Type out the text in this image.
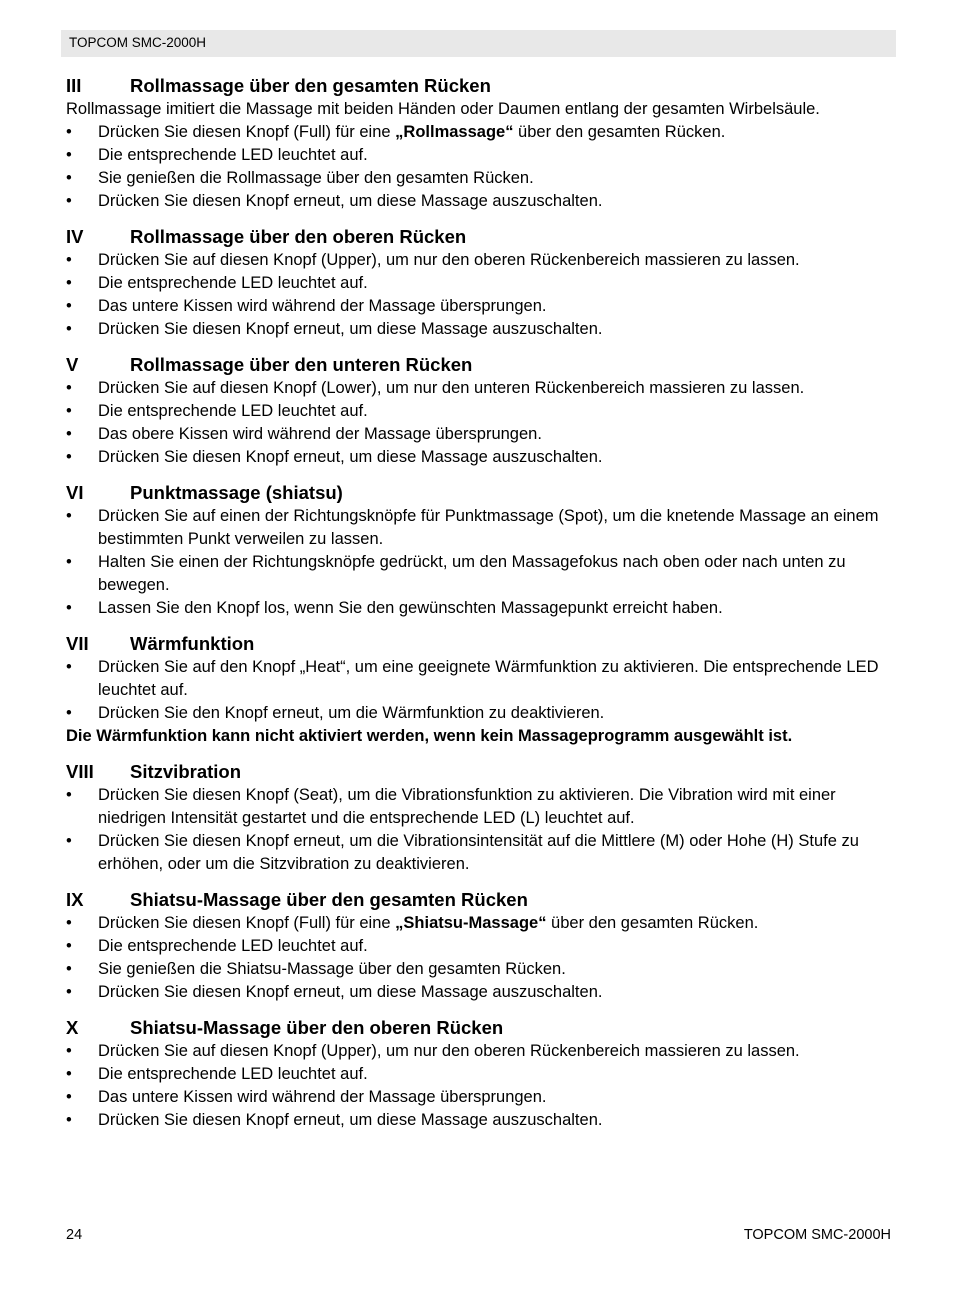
TOPCOM SMC-2000H
III	Rollmassage über den gesamten Rücken
Rollmassage imitiert die Massage mit beiden Händen oder Daumen entlang der gesamten Wirbelsäule.
•	Drücken Sie diesen Knopf (Full) für eine „Rollmassage“ über den gesamten Rücken.
•	Die entsprechende LED leuchtet auf.
•	Sie genießen die Rollmassage über den gesamten Rücken.
•	Drücken Sie diesen Knopf erneut, um diese Massage auszuschalten.
IV	Rollmassage über den oberen Rücken
•	Drücken Sie auf diesen Knopf (Upper), um nur den oberen Rückenbereich massieren zu lassen.
•	Die entsprechende LED leuchtet auf.
•	Das untere Kissen wird während der Massage übersprungen.
•	Drücken Sie diesen Knopf erneut, um diese Massage auszuschalten.
V	Rollmassage über den unteren Rücken
•	Drücken Sie auf diesen Knopf (Lower), um nur den unteren Rückenbereich massieren zu lassen.
•	Die entsprechende LED leuchtet auf.
•	Das obere Kissen wird während der Massage übersprungen.
•	Drücken Sie diesen Knopf erneut, um diese Massage auszuschalten.
VI	Punktmassage (shiatsu)
•	Drücken Sie auf einen der Richtungsknöpfe für Punktmassage (Spot), um die knetende Massage an einem bestimmten Punkt verweilen zu lassen.
•	Halten Sie einen der Richtungsknöpfe gedrückt, um den Massagefokus nach oben oder nach unten zu bewegen.
•	Lassen Sie den Knopf los, wenn Sie den gewünschten Massagepunkt erreicht haben.
VII	Wärmfunktion
•	Drücken Sie auf den Knopf „Heat“, um eine geeignete Wärmfunktion zu aktivieren. Die entsprechende LED leuchtet auf.
•	Drücken Sie den Knopf erneut, um die Wärmfunktion zu deaktivieren.
Die Wärmfunktion kann nicht aktiviert werden, wenn kein Massageprogramm ausgewählt ist.
VIII	Sitzvibration
•	Drücken Sie diesen Knopf (Seat), um die Vibrationsfunktion zu aktivieren. Die Vibration wird mit einer niedrigen Intensität gestartet und die entsprechende LED (L) leuchtet auf.
•	Drücken Sie diesen Knopf erneut, um die Vibrationsintensität auf die Mittlere (M) oder Hohe (H) Stufe zu erhöhen, oder um die Sitzvibration zu deaktivieren.
IX	Shiatsu-Massage über den gesamten Rücken
•	Drücken Sie diesen Knopf (Full) für eine „Shiatsu-Massage“ über den gesamten Rücken.
•	Die entsprechende LED leuchtet auf.
•	Sie genießen die Shiatsu-Massage über den gesamten Rücken.
•	Drücken Sie diesen Knopf erneut, um diese Massage auszuschalten.
X	Shiatsu-Massage über den oberen Rücken
•	Drücken Sie auf diesen Knopf (Upper), um nur den oberen Rückenbereich massieren zu lassen.
•	Die entsprechende LED leuchtet auf.
•	Das untere Kissen wird während der Massage übersprungen.
•	Drücken Sie diesen Knopf erneut, um diese Massage auszuschalten.
24	TOPCOM SMC-2000H
